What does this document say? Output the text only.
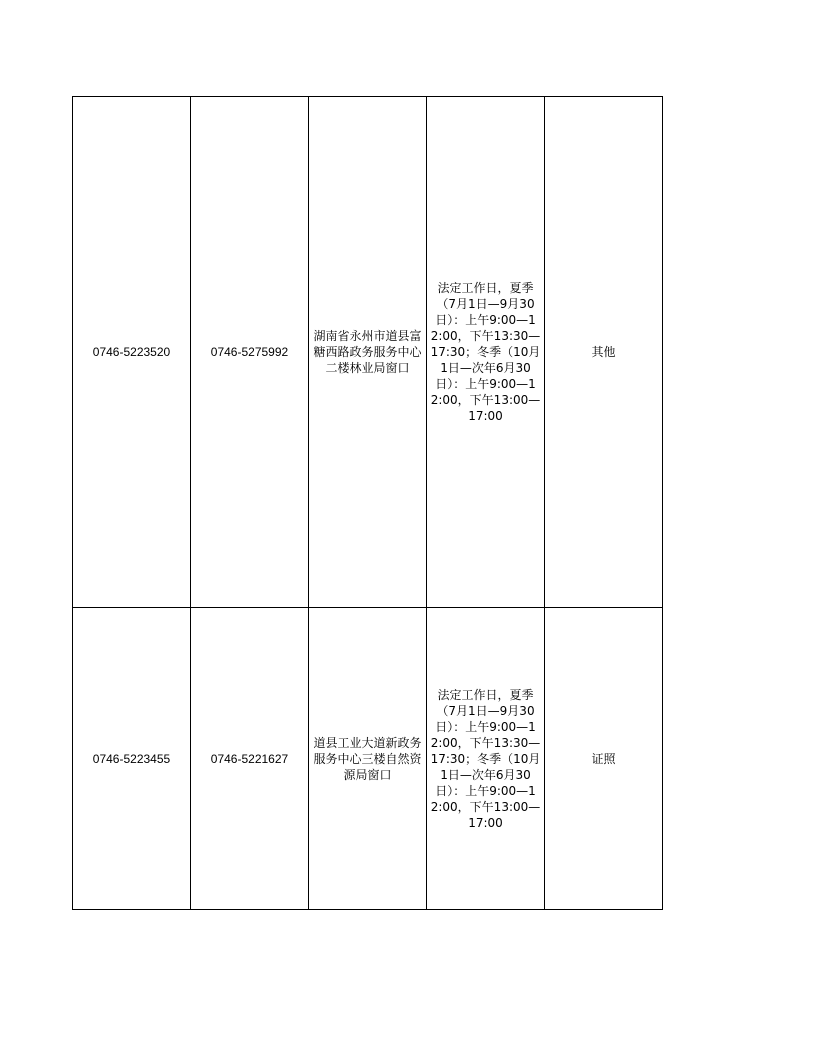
0746-5223520	0746-5275992	湖南省永州市道县富糖西路政务服务中心二楼林业局窗口	法定工作日，夏季（7月1日—9月30日）：上午9:00—12:00，下午13:30—17:30；冬季（10月1日—次年6月30日）：上午9:00—12:00，下午13:00—17:00	其他
0746-5223455	0746-5221627	道县工业大道新政务服务中心三楼自然资源局窗口	法定工作日，夏季（7月1日—9月30日）：上午9:00—12:00，下午13:30—17:30；冬季（10月1日—次年6月30日）：上午9:00—12:00，下午13:00—17:00	证照
